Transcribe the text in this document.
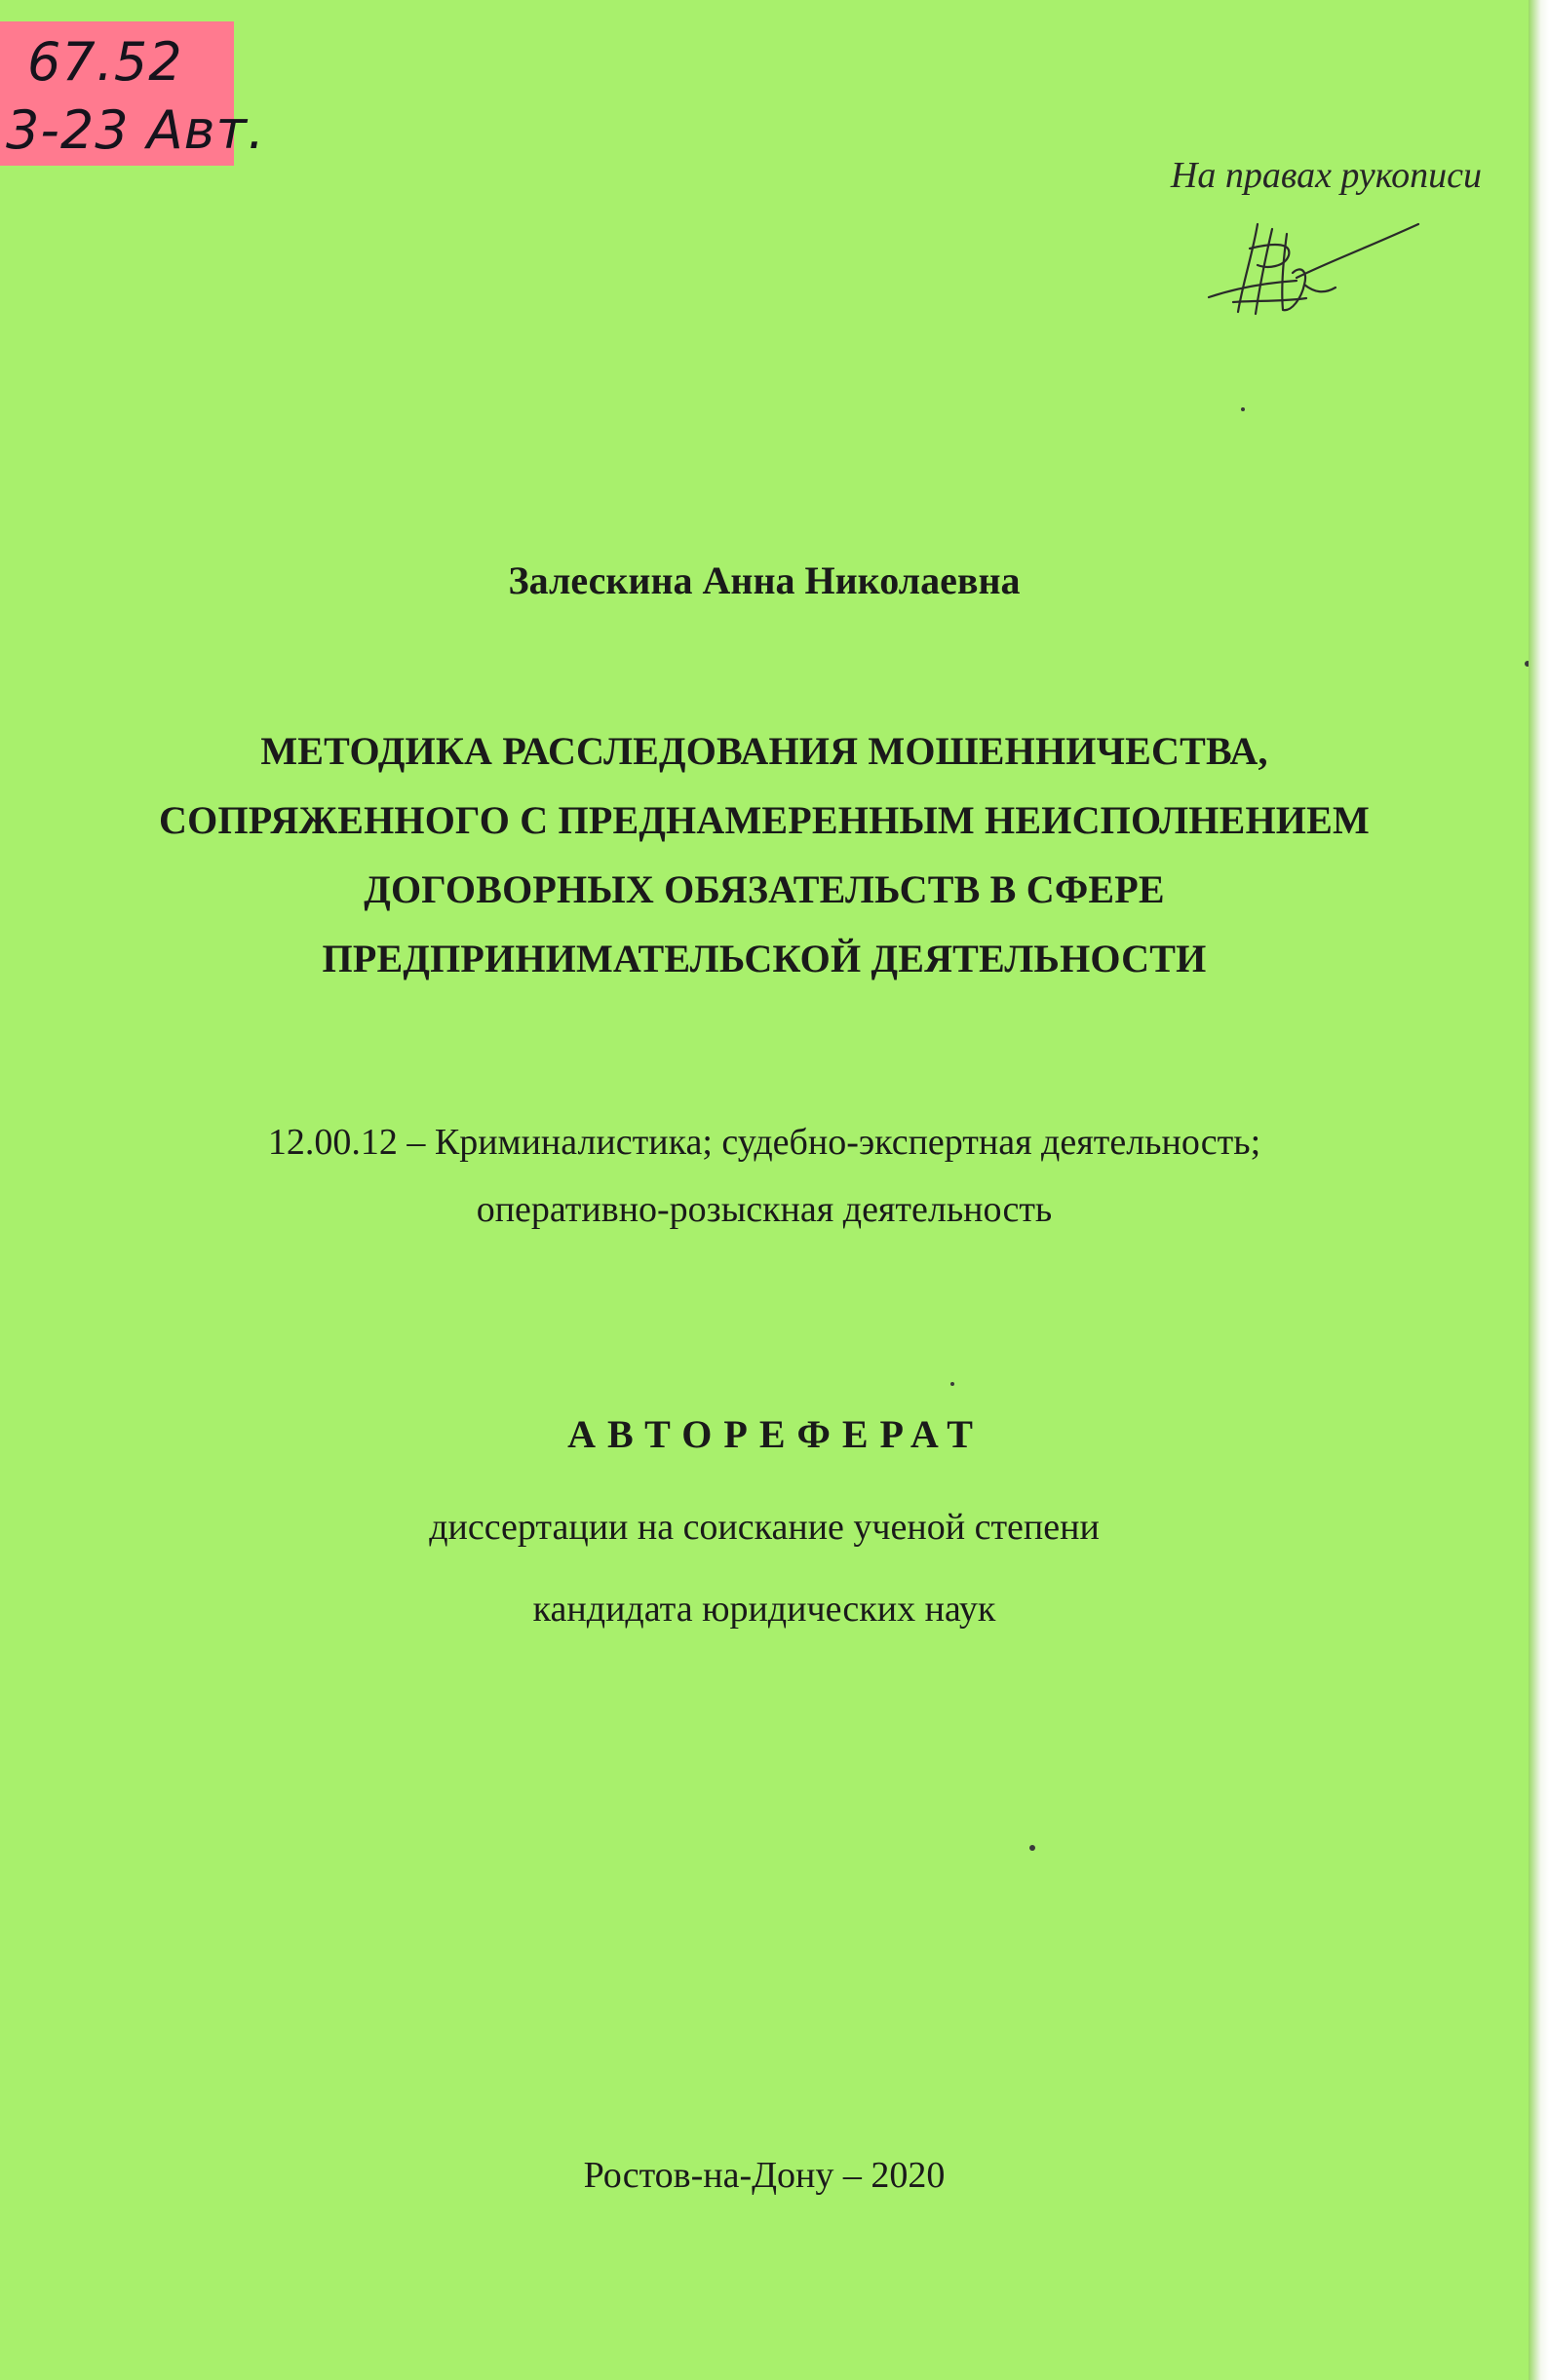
67.52
3-23 Авт.
На правах рукописи
Залескина Анна Николаевна
МЕТОДИКА РАССЛЕДОВАНИЯ МОШЕННИЧЕСТВА,
СОПРЯЖЕННОГО С ПРЕДНАМЕРЕННЫМ НЕИСПОЛНЕНИЕМ
ДОГОВОРНЫХ ОБЯЗАТЕЛЬСТВ В СФЕРЕ
ПРЕДПРИНИМАТЕЛЬСКОЙ ДЕЯТЕЛЬНОСТИ
12.00.12 – Криминалистика; судебно-экспертная деятельность;
оперативно-розыскная деятельность
АВТОРЕФЕРАТ
диссертации на соискание ученой степени
кандидата юридических наук
Ростов-на-Дону – 2020
